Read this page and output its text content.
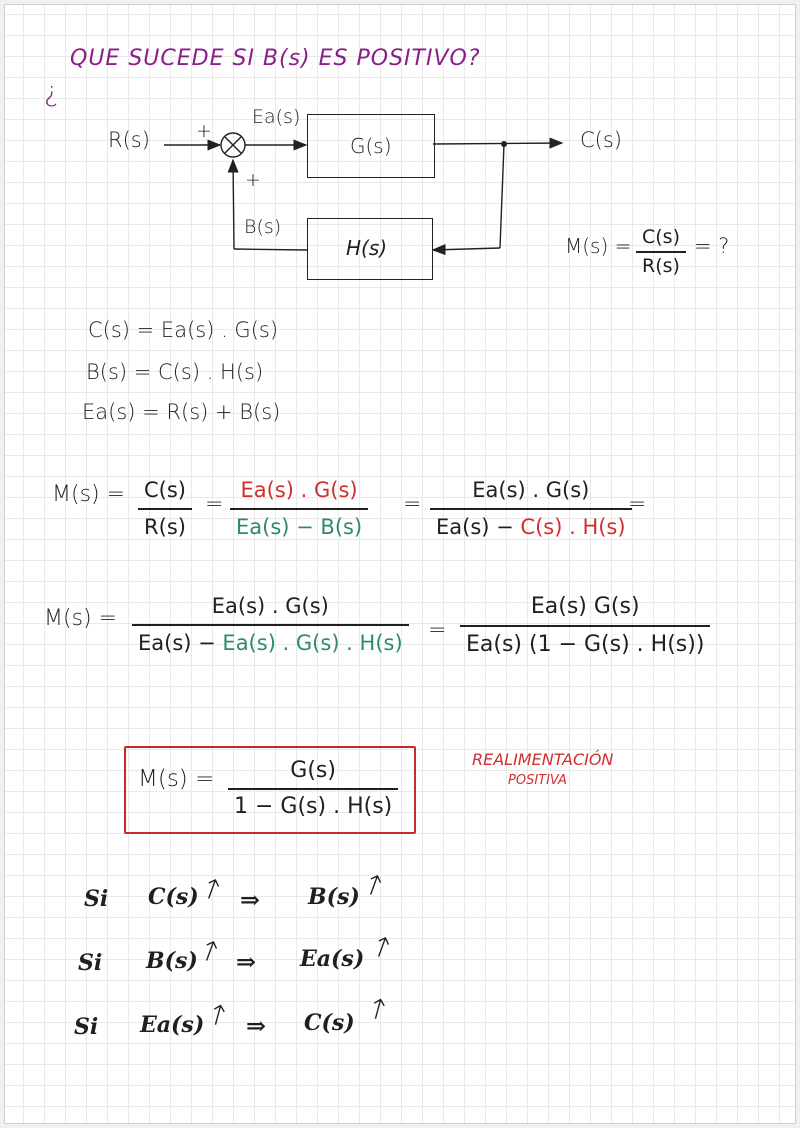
¿
QUE SUCEDE SI B(s) ES POSITIVO?
G(s)
H(s)
R(s) +
+
Ea(s)
C(s)
B(s)
M(s) = C(s)
R(s)
= ?
C(s) = Ea(s) . G(s)
B(s) = C(s) . H(s)
Ea(s) = R(s) + B(s)
M(s) = C(s)
R(s)
=
Ea(s) . G(s)
Ea(s) − B(s)
=
Ea(s) . G(s)
Ea(s) − C(s) . H(s)
=
M(s) =	Ea(s) . G(s)
Ea(s) − Ea(s) . G(s) . H(s) =
Ea(s) G(s)
Ea(s) (1 − G(s) . H(s))
M(s) =	G(s)
1 − G(s) . H(s)
REALIMENTACIÓN
POSITIVA
Si C(s)
↑ ⇒ B(s)
↑
Si B(s)
↑ ⇒ Ea(s) ↑
Si Ea(s)
↑ ⇒ C(s) ↑
